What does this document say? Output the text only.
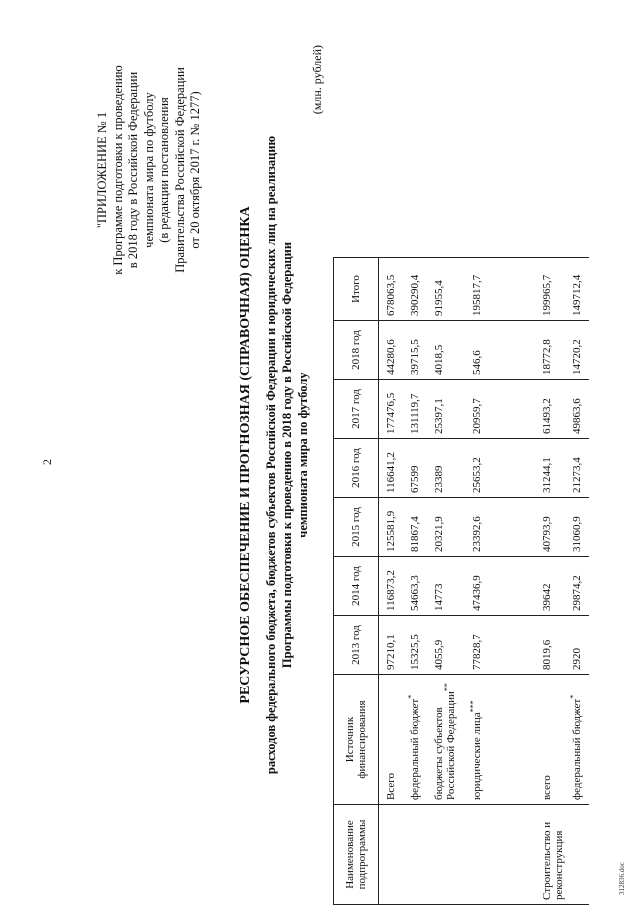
2
"ПРИЛОЖЕНИЕ № 1 к Программе подготовки к проведению в 2018 году в Российской Федерации чемпионата мира по футболу (в редакции постановления Правительства Российской Федерации от 20 октября 2017 г. № 1277)
РЕСУРСНОЕ ОБЕСПЕЧЕНИЕ И ПРОГНОЗНАЯ (СПРАВОЧНАЯ) ОЦЕНКА расходов федерального бюджета, бюджетов субъектов Российской Федерации и юридических лиц на реализацию Программы подготовки к проведению в 2018 году в Российской Федерации чемпионата мира по футболу
(млн. рублей)
Наименование подпрограммы	Источник финансирования	2013 год	2014 год	2015 год	2016 год	2017 год	2018 год	Итого
	Всего	97210,1	116873,2	125581,9	116641,2	177476,5	44280,6	678063,5
	федеральный бюджет*	15325,5	54663,3	81867,4	67599	131119,7	39715,5	390290,4
	бюджеты субъектов Российской Федерации**	4055,9	14773	20321,9	23389	25397,1	4018,5	91955,4
	юридические лица***	77828,7	47436,9	23392,6	25653,2	20959,7	546,6	195817,7
Строительство и реконструкция	всего	8019,6	39642	40793,9	31244,1	61493,2	18772,8	199965,7
	федеральный бюджет*	2920	29874,2	31060,9	21273,4	49863,6	14720,2	149712,4
312836.doc
